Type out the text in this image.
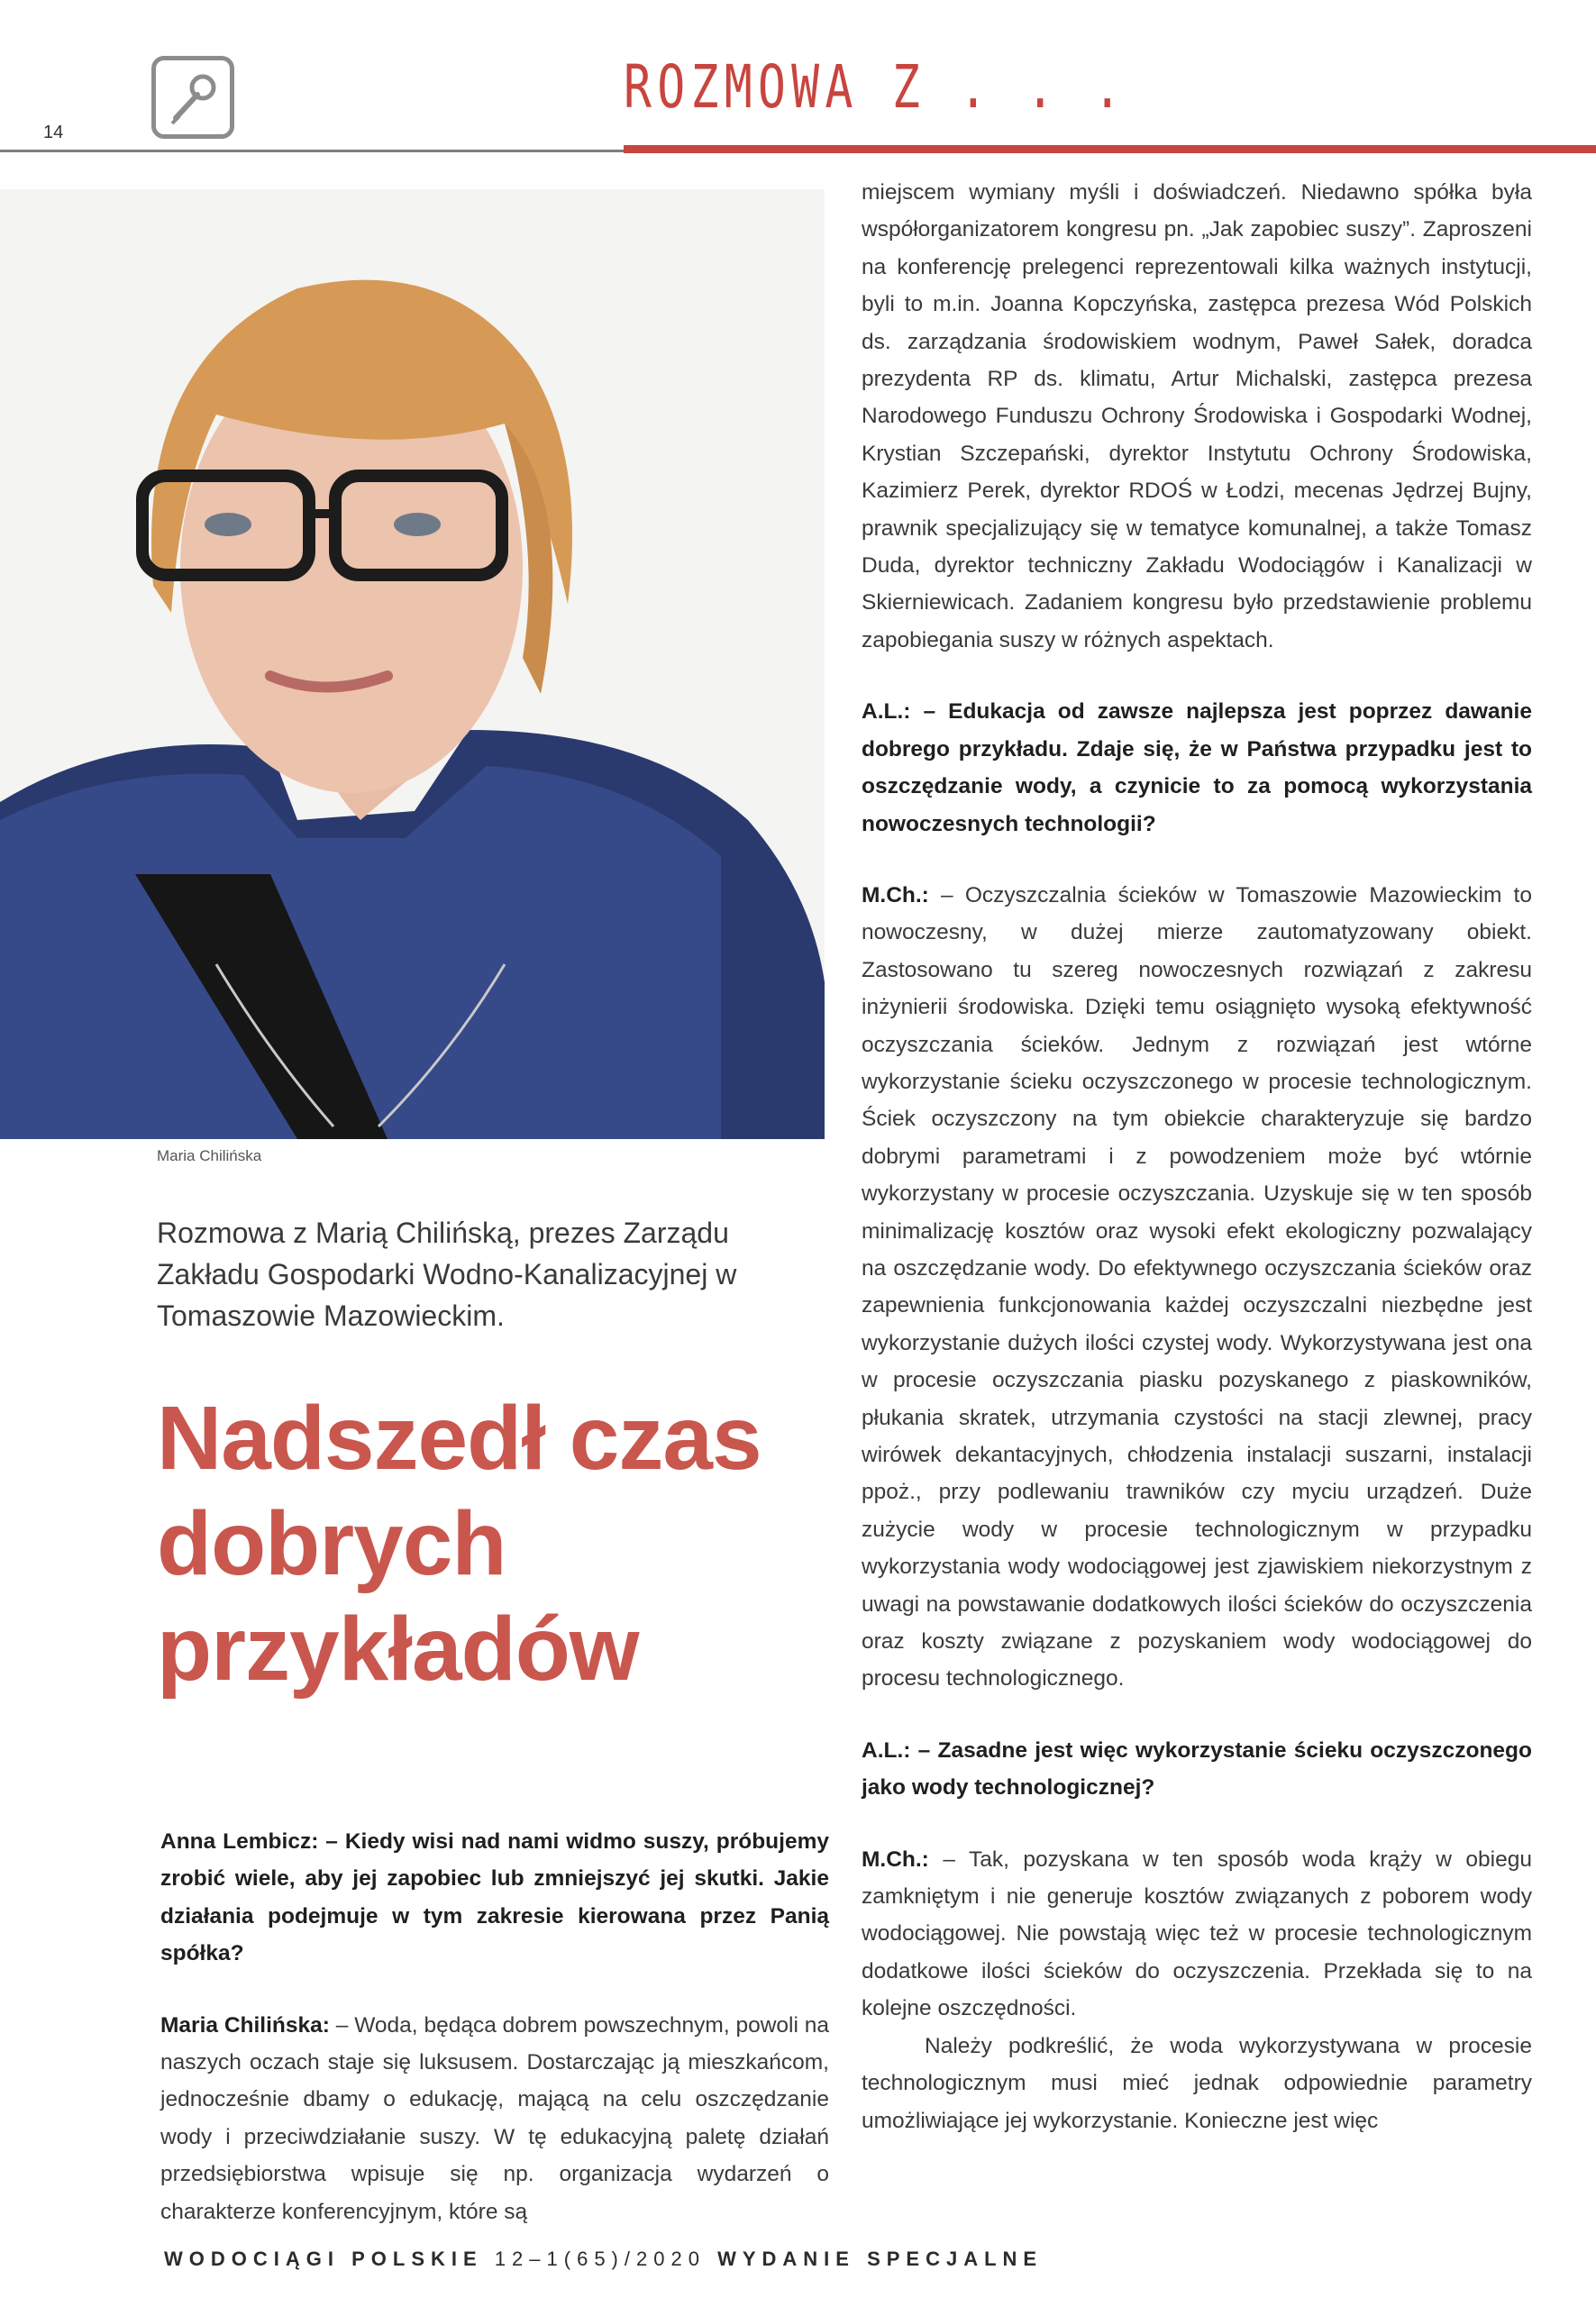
14
ROZMOWA Z . . .
Maria Chilińska
Rozmowa z Marią Chilińską, prezes Zarządu Zakładu Gospodarki Wodno-Kanalizacyjnej w Tomaszowie Mazowieckim.
Nadszedł czas
dobrych
przykładów

Anna Lembicz: – Kiedy wisi nad nami widmo suszy, próbujemy zrobić wiele, aby jej zapobiec lub zmniejszyć jej skutki. Jakie działania podejmuje w tym zakresie kierowana przez Panią spółka?

Maria Chilińska: – Woda, będąca dobrem powszechnym, powoli na naszych oczach staje się luksusem. Dostarczając ją mieszkańcom, jednocześnie dbamy o edukację, mającą na celu oszczędzanie wody i przeciwdziałanie suszy. W tę edukacyjną paletę działań przedsiębiorstwa wpisuje się np. organizacja wydarzeń o charakterze konferencyjnym, które są

miejscem wymiany myśli i doświadczeń. Niedawno spółka była współorganizatorem kongresu pn. „Jak zapobiec suszy”. Zaproszeni na konferencję prelegenci reprezentowali kilka ważnych instytucji, byli to m.in. Joanna Kopczyńska, zastępca prezesa Wód Polskich ds. zarządzania środowiskiem wodnym, Paweł Sałek, doradca prezydenta RP ds. klimatu, Artur Michalski, zastępca prezesa Narodowego Funduszu Ochrony Środowiska i Gospodarki Wodnej, Krystian Szczepański, dyrektor Instytutu Ochrony Środowiska, Kazimierz Perek, dyrektor RDOŚ w Łodzi, mecenas Jędrzej Bujny, prawnik specjalizujący się w tematyce komunalnej, a także Tomasz Duda, dyrektor techniczny Zakładu Wodociągów i Kanalizacji w Skierniewicach. Zadaniem kongresu było przedstawienie problemu zapobiegania suszy w różnych aspektach.

A.L.: – Edukacja od zawsze najlepsza jest poprzez dawanie dobrego przykładu. Zdaje się, że w Państwa przypadku jest to oszczędzanie wody, a czynicie to za pomocą wykorzystania nowoczesnych technologii?

M.Ch.: – Oczyszczalnia ścieków w Tomaszowie Mazowieckim to nowoczesny, w dużej mierze zautomatyzowany obiekt. Zastosowano tu szereg nowoczesnych rozwiązań z zakresu inżynierii środowiska. Dzięki temu osiągnięto wysoką efektywność oczyszczania ścieków. Jednym z rozwiązań jest wtórne wykorzystanie ścieku oczyszczonego w procesie technologicznym. Ściek oczyszczony na tym obiekcie charakteryzuje się bardzo dobrymi parametrami i z powodzeniem może być wtórnie wykorzystany w procesie oczyszczania. Uzyskuje się w ten sposób minimalizację kosztów oraz wysoki efekt ekologiczny pozwalający na oszczędzanie wody. Do efektywnego oczyszczania ścieków oraz zapewnienia funkcjonowania każdej oczyszczalni niezbędne jest wykorzystanie dużych ilości czystej wody. Wykorzystywana jest ona w procesie oczyszczania piasku pozyskanego z piaskowników, płukania skratek, utrzymania czystości na stacji zlewnej, pracy wirówek dekantacyjnych, chłodzenia instalacji suszarni, instalacji ppoż., przy podlewaniu trawników czy myciu urządzeń. Duże zużycie wody w procesie technologicznym w przypadku wykorzystania wody wodociągowej jest zjawiskiem niekorzystnym z uwagi na powstawanie dodatkowych ilości ścieków do oczyszczenia oraz koszty związane z pozyskaniem wody wodociągowej do procesu technologicznego.

A.L.: – Zasadne jest więc wykorzystanie ścieku oczyszczonego jako wody technologicznej?

M.Ch.: – Tak, pozyskana w ten sposób woda krąży w obiegu zamkniętym i nie generuje kosztów związanych z poborem wody wodociągowej. Nie powstają więc też w procesie technologicznym dodatkowe ilości ścieków do oczyszczenia. Przekłada się to na kolejne oszczędności.

Należy podkreślić, że woda wykorzystywana w procesie technologicznym musi mieć jednak odpowiednie parametry umożliwiające jej wykorzystanie. Konieczne jest więc

WODOCIĄGI POLSKIE 12–1(65)/2020 WYDANIE SPECJALNE
